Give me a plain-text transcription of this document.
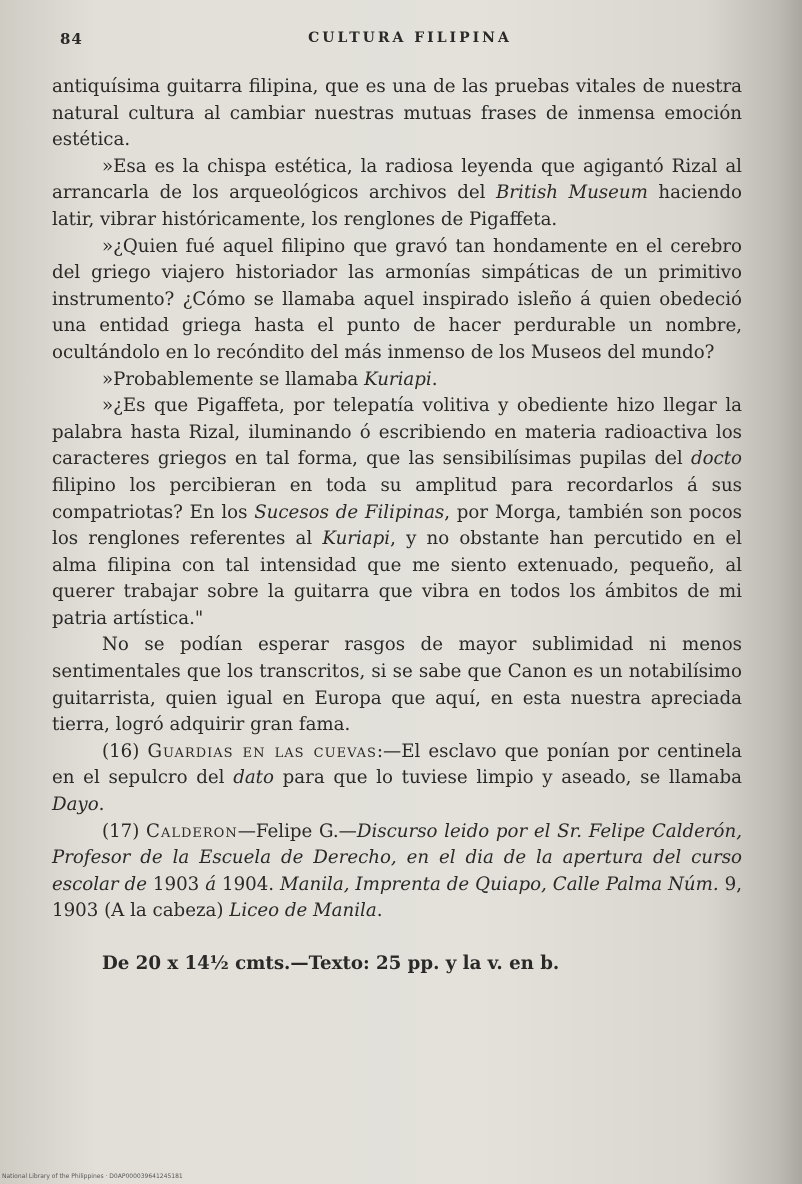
84	CULTURA FILIPINA

antiquísima guitarra filipina, que es una de las pruebas vitales de nuestra natural cultura al cambiar nuestras mutuas frases de inmensa emoción estética.

»Esa es la chispa estética, la radiosa leyenda que agigantó Rizal al arrancarla de los arqueológicos archivos del British Museum haciendo latir, vibrar históricamente, los renglones de Pigaffeta.

»¿Quien fué aquel filipino que gravó tan hondamente en el cerebro del griego viajero historiador las armonías simpáticas de un primitivo instrumento? ¿Cómo se llamaba aquel inspirado isleño á quien obedeció una entidad griega hasta el punto de hacer perdurable un nombre, ocultándolo en lo recóndito del más inmenso de los Museos del mundo?

»Probablemente se llamaba Kuriapi.

»¿Es que Pigaffeta, por telepatía volitiva y obediente hizo llegar la palabra hasta Rizal, iluminando ó escribiendo en materia radioactiva los caracteres griegos en tal forma, que las sensibilísimas pupilas del docto filipino los percibieran en toda su amplitud para recordarlos á sus compatriotas? En los Sucesos de Filipinas, por Morga, también son pocos los renglones referentes al Kuriapi, y no obstante han percutido en el alma filipina con tal intensidad que me siento extenuado, pequeño, al querer trabajar sobre la guitarra que vibra en todos los ámbitos de mi patria artística."

No se podían esperar rasgos de mayor sublimidad ni menos sentimentales que los transcritos, si se sabe que Canon es un notabilísimo guitarrista, quien igual en Europa que aquí, en esta nuestra apreciada tierra, logró adquirir gran fama.

(16) Guardias en las cuevas:—El esclavo que ponían por centinela en el sepulcro del dato para que lo tuviese limpio y aseado, se llamaba Dayo.

(17) Calderon—Felipe G.—Discurso leido por el Sr. Felipe Calderón, Profesor de la Escuela de Derecho, en el dia de la apertura del curso escolar de 1903 á 1904. Manila, Imprenta de Quiapo, Calle Palma Núm. 9, 1903 (A la cabeza) Liceo de Manila.

De 20 x 14½ cmts.—Texto: 25 pp. y la v. en b.

National Library of the Philippines · D0AP000039641245181
